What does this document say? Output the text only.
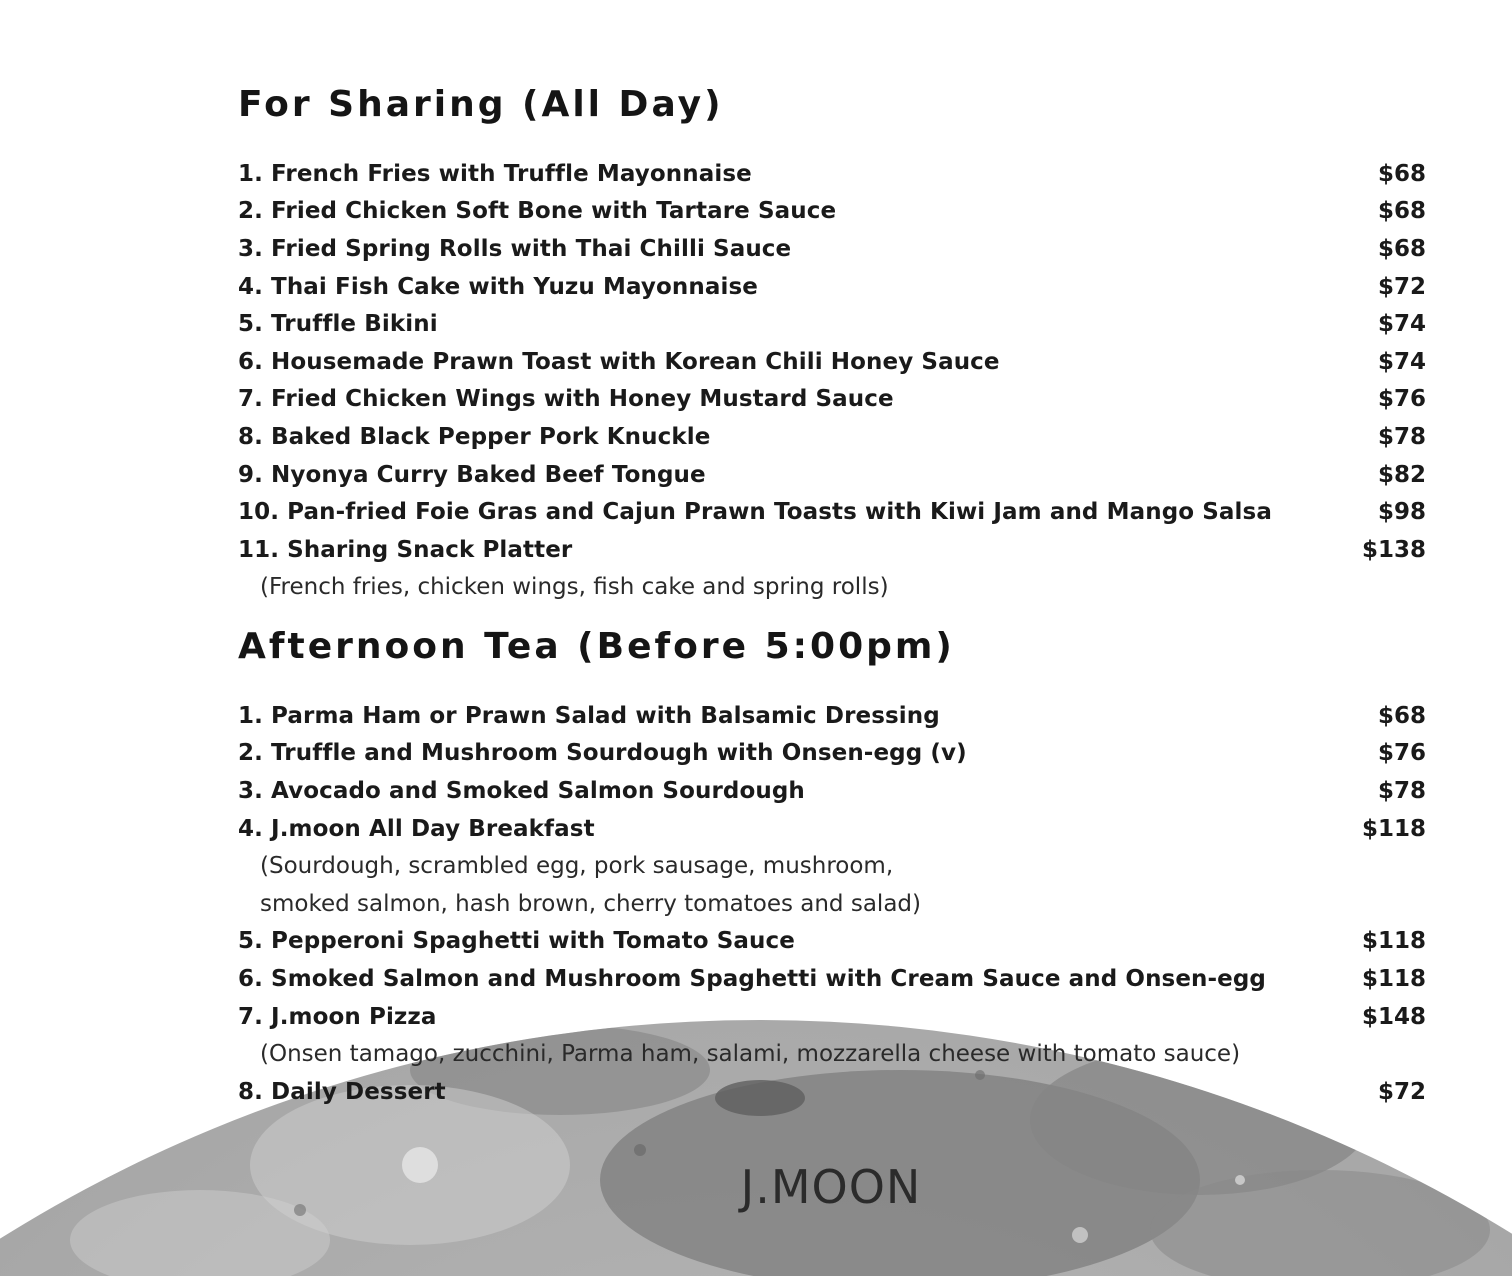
For Sharing (All Day)
1. French Fries with Truffle Mayonnaise	$68
2. Fried Chicken Soft Bone with Tartare Sauce	$68
3. Fried Spring Rolls with Thai Chilli Sauce	$68
4. Thai Fish Cake with Yuzu Mayonnaise	$72
5. Truffle Bikini	$74
6. Housemade Prawn Toast with Korean Chili Honey Sauce	$74
7. Fried Chicken Wings with Honey Mustard Sauce	$76
8. Baked Black Pepper Pork Knuckle	$78
9. Nyonya Curry Baked Beef Tongue	$82
10. Pan-fried Foie Gras and Cajun Prawn Toasts with Kiwi Jam and Mango Salsa	$98
11. Sharing Snack Platter	$138
(French fries, chicken wings, fish cake and spring rolls)
Afternoon Tea (Before 5:00pm)
1. Parma Ham or Prawn Salad with Balsamic Dressing	$68
2. Truffle and Mushroom Sourdough with Onsen-egg (v)	$76
3. Avocado and Smoked Salmon Sourdough	$78
4. J.moon All Day Breakfast	$118
(Sourdough, scrambled egg, pork sausage, mushroom,
smoked salmon, hash brown, cherry tomatoes and salad)
5. Pepperoni Spaghetti with Tomato Sauce	$118
6. Smoked Salmon and Mushroom Spaghetti with Cream Sauce and Onsen-egg	$118
7. J.moon Pizza	$148
(Onsen tamago, zucchini, Parma ham, salami, mozzarella cheese with tomato sauce)
8. Daily Dessert	$72
J.MOON
